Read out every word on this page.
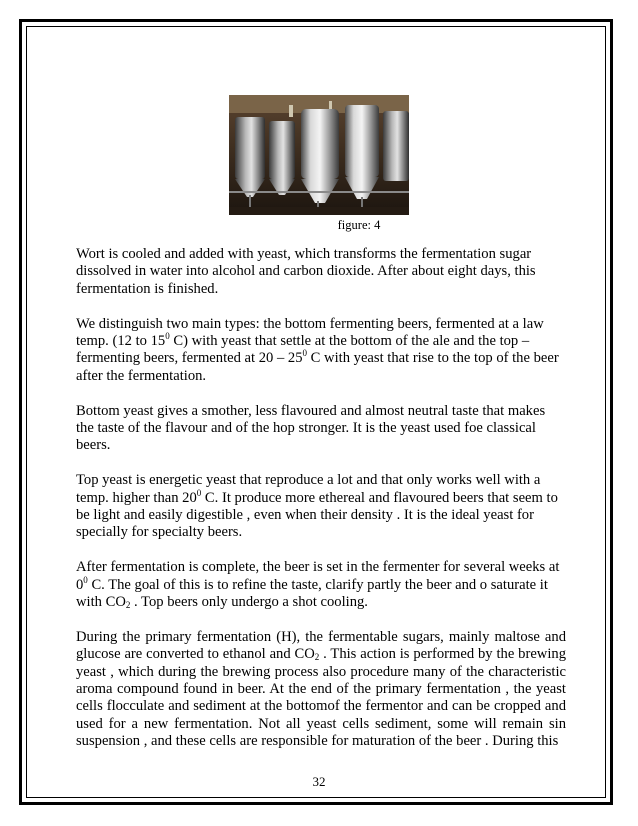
figure: 4

Wort is cooled and added with yeast, which transforms the fermentation sugar dissolved in water into alcohol and carbon dioxide. After about eight days, this fermentation is finished.

We distinguish two main types: the bottom fermenting beers, fermented at a law temp. (12 to $15^0$ C) with yeast that settle at the bottom of the ale and the top – fermenting beers, fermented at $20 - 25^0$ C with yeast that rise to the top of the beer after the fermentation.

Bottom yeast gives a smother, less flavoured and almost neutral taste that makes the taste of the flavour and of the hop stronger. It is the yeast used foe classical beers.

Top yeast is energetic yeast that reproduce a lot and that only works well with a temp. higher than $20^0$ C. It produce more ethereal and flavoured beers that seem to be light and easily digestible , even when their density . It is the ideal yeast for specially for specialty beers.

After fermentation is complete, the beer is set in the fermenter for several weeks at $0^0$ C. The goal of this is to refine the taste, clarify partly the beer and o saturate it with $CO_2$ . Top beers only undergo a shot cooling.

During the primary fermentation (H), the fermentable sugars, mainly maltose and glucose are converted to ethanol and $CO_2$ . This action is performed by the brewing yeast , which during the brewing process also procedure many of the characteristic aroma compound found in beer. At the end of the primary fermentation , the yeast cells flocculate and sediment at the bottomof the fermentor and can be cropped and used for a new fermentation. Not all yeast cells sediment, some will remain sin suspension , and these cells are responsible for maturation of the beer . During this

32
